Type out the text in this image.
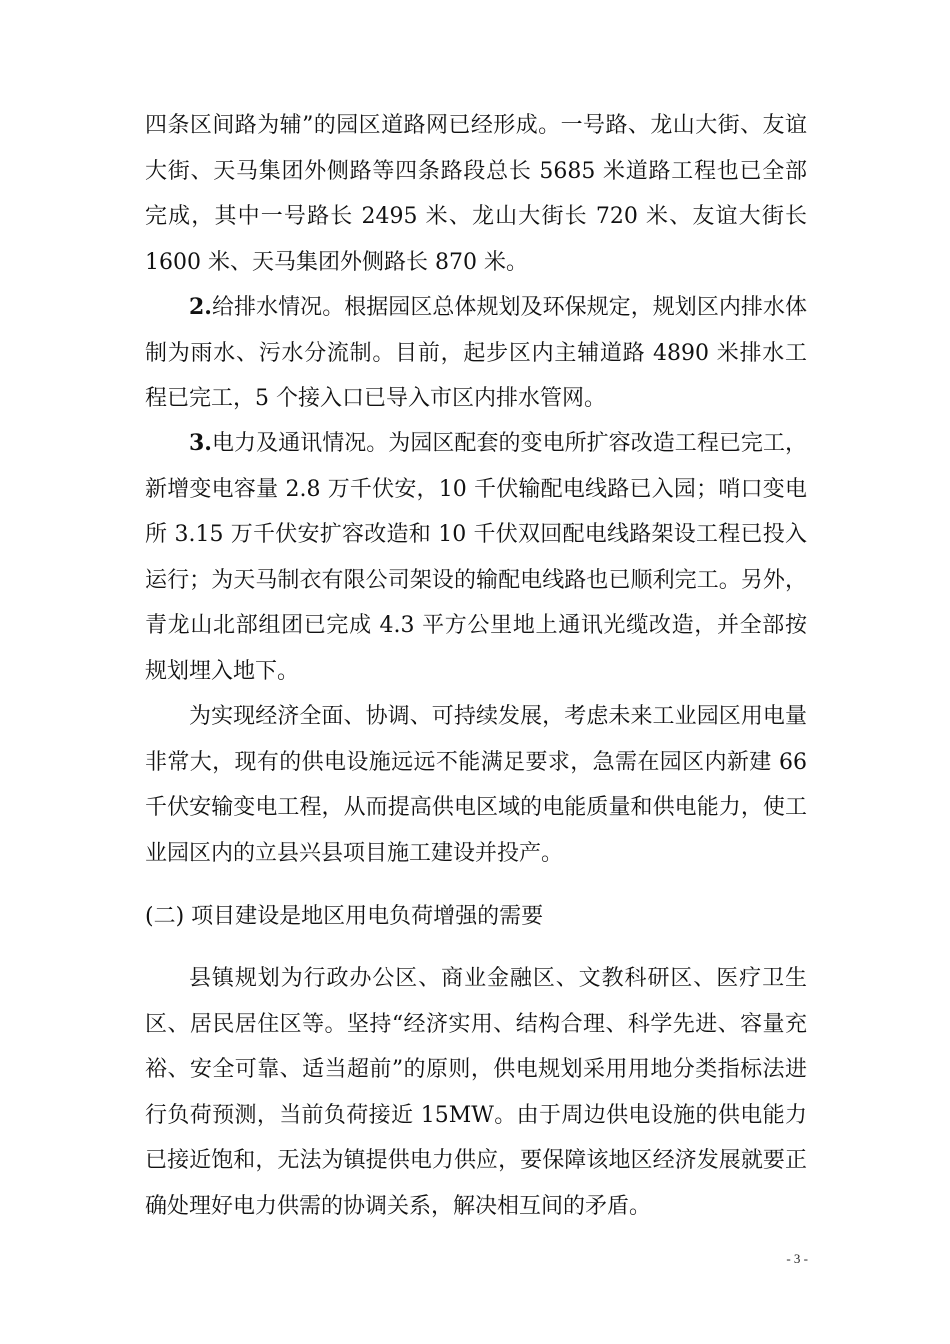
四条区间路为辅”的园区道路网已经形成。一号路、龙山大街、友谊大街、天马集团外侧路等四条路段总长 5685 米道路工程也已全部完成，其中一号路长 2495 米、龙山大街长 720 米、友谊大街长 1600 米、天马集团外侧路长 870 米。

2.给排水情况。根据园区总体规划及环保规定，规划区内排水体制为雨水、污水分流制。目前，起步区内主辅道路 4890 米排水工程已完工，5 个接入口已导入市区内排水管网。

3.电力及通讯情况。为园区配套的变电所扩容改造工程已完工，新增变电容量 2.8 万千伏安，10 千伏输配电线路已入园；哨口变电所 3.15 万千伏安扩容改造和 10 千伏双回配电线路架设工程已投入运行；为天马制衣有限公司架设的输配电线路也已顺利完工。另外，青龙山北部组团已完成 4.3 平方公里地上通讯光缆改造，并全部按规划埋入地下。

为实现经济全面、协调、可持续发展，考虑未来工业园区用电量非常大，现有的供电设施远远不能满足要求，急需在园区内新建 66 千伏安输变电工程，从而提高供电区域的电能质量和供电能力，使工业园区内的立县兴县项目施工建设并投产。

(二) 项目建设是地区用电负荷增强的需要

县镇规划为行政办公区、商业金融区、文教科研区、医疗卫生区、居民居住区等。坚持“经济实用、结构合理、科学先进、容量充裕、安全可靠、适当超前”的原则，供电规划采用用地分类指标法进行负荷预测，当前负荷接近 15MW。由于周边供电设施的供电能力已接近饱和，无法为镇提供电力供应，要保障该地区经济发展就要正确处理好电力供需的协调关系，解决相互间的矛盾。

- 3 -
